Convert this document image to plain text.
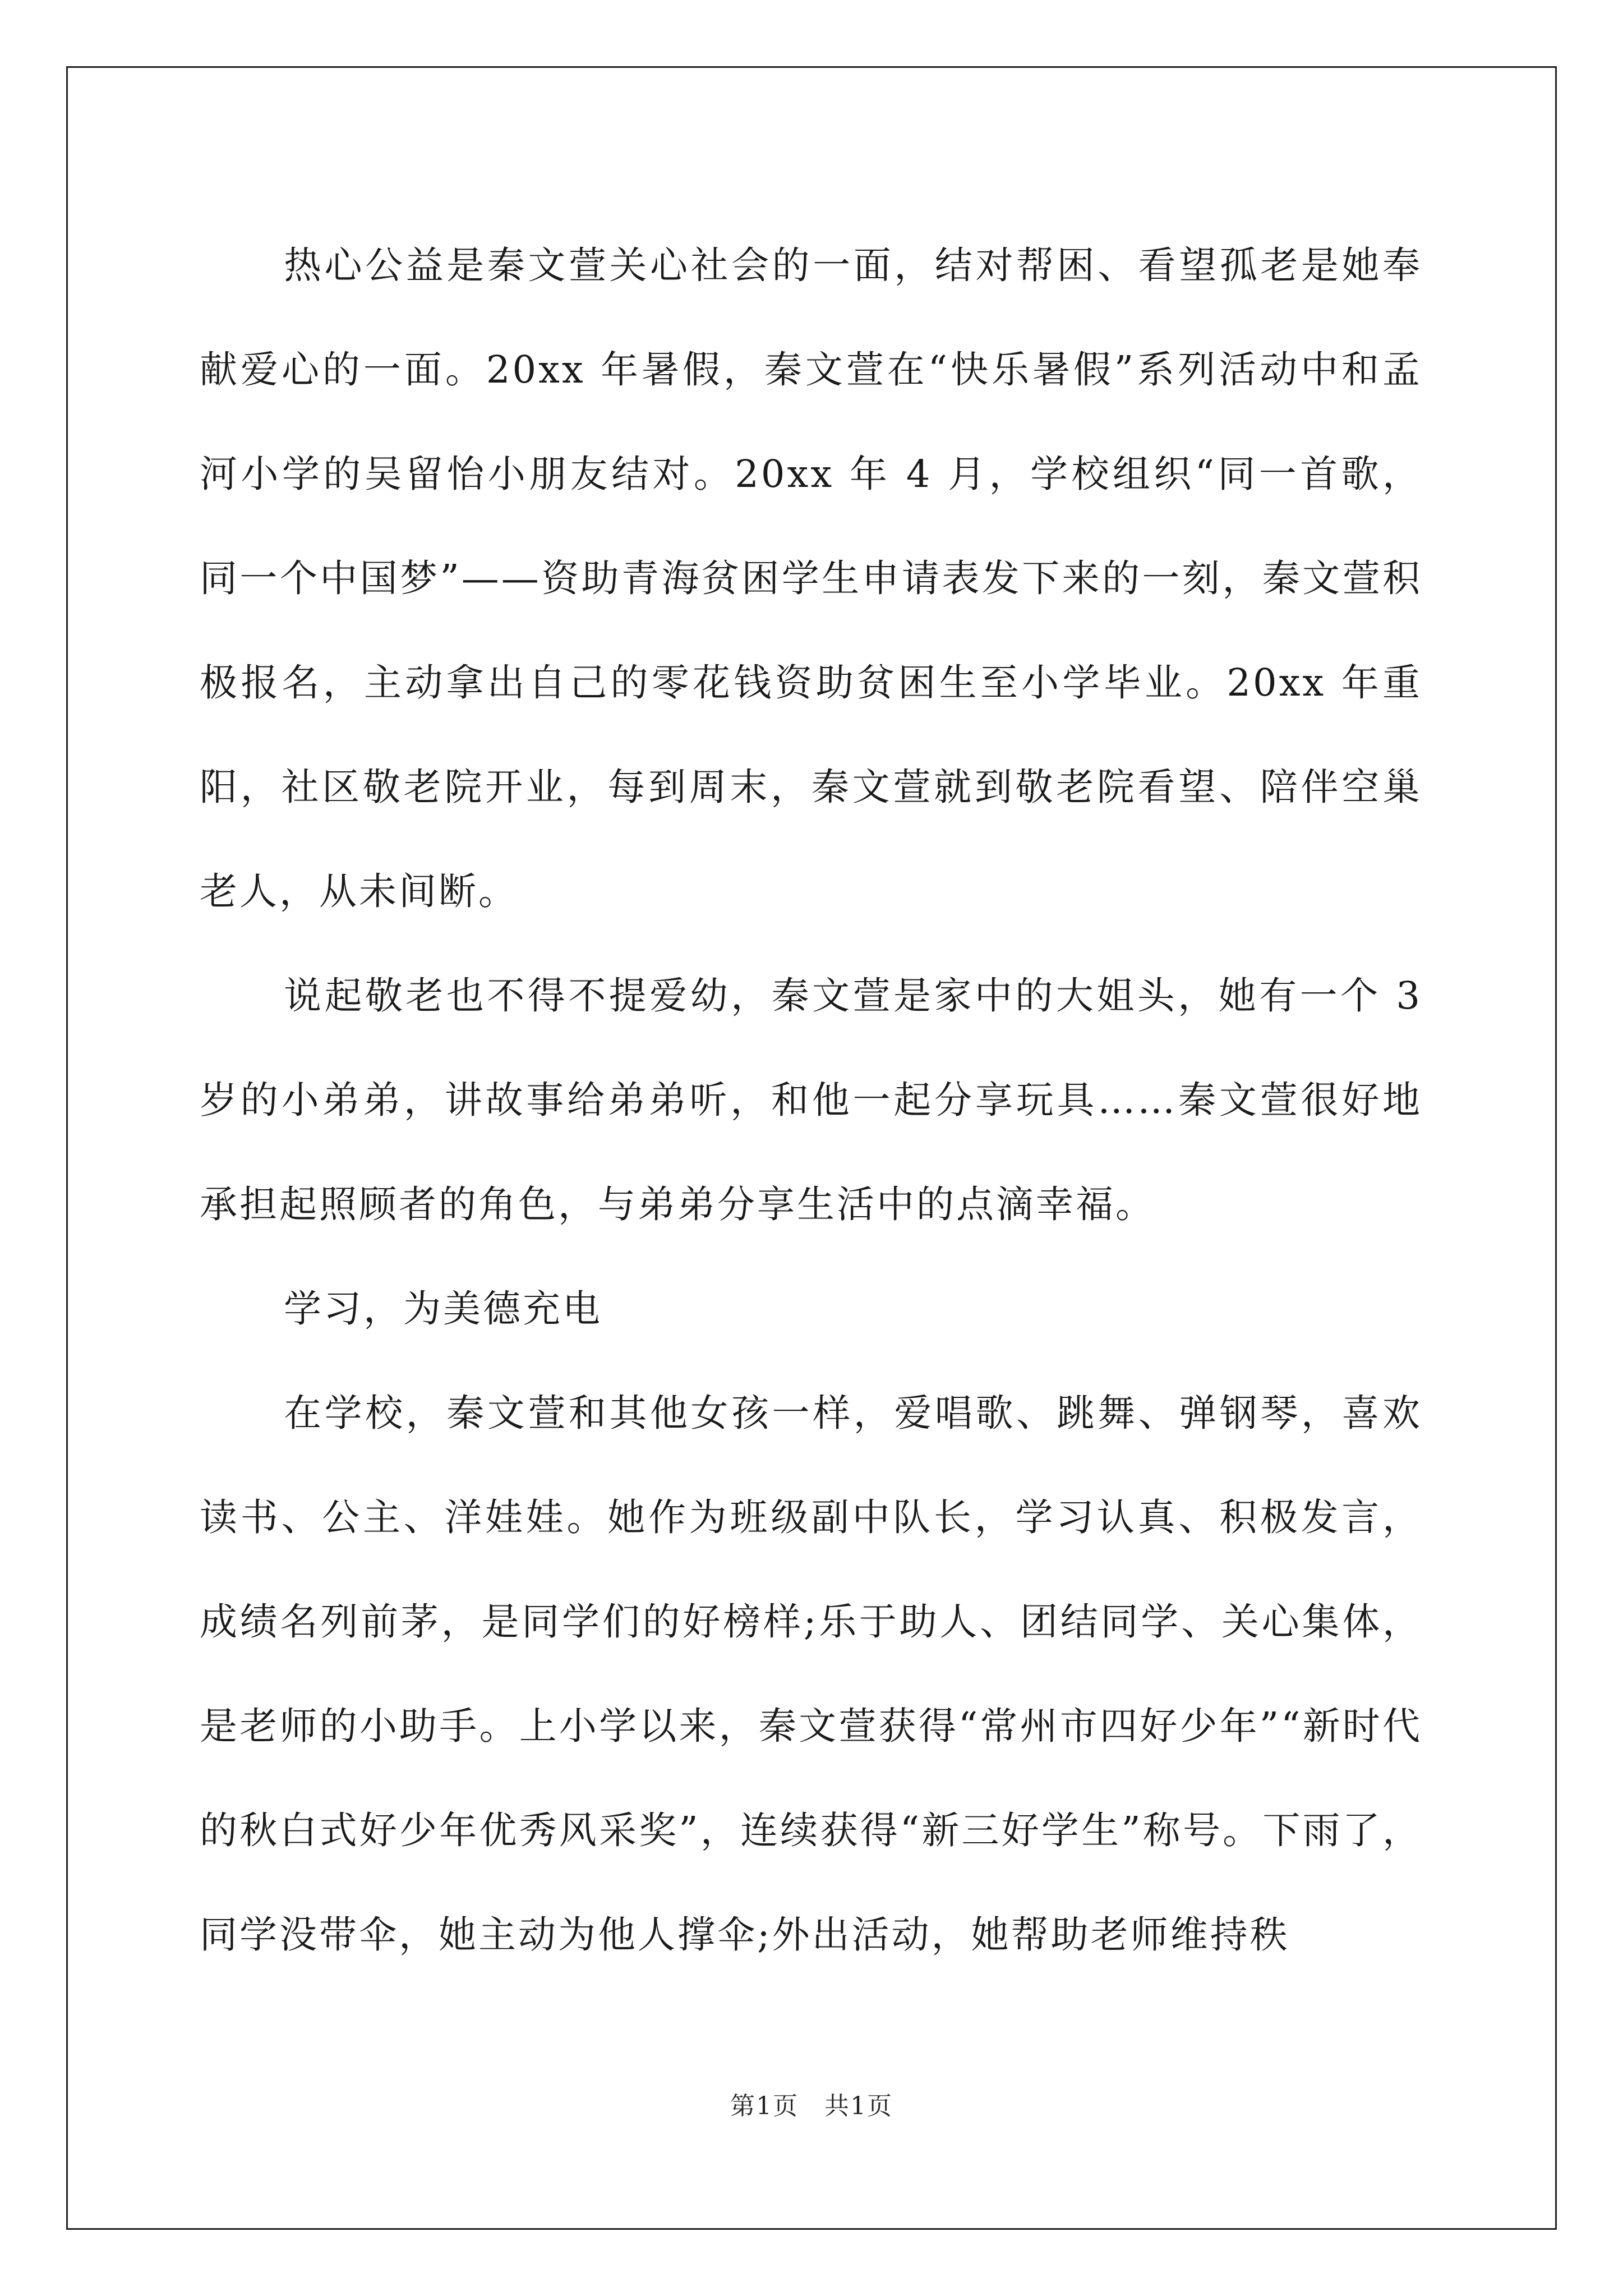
热心公益是秦文萱关心社会的一面，结对帮困、看望孤老是她奉献爱心的一面。20xx 年暑假，秦文萱在“快乐暑假”系列活动中和孟河小学的吴留怡小朋友结对。20xx 年 4 月，学校组织“同一首歌，同一个中国梦”——资助青海贫困学生申请表发下来的一刻，秦文萱积极报名，主动拿出自己的零花钱资助贫困生至小学毕业。20xx 年重阳，社区敬老院开业，每到周末，秦文萱就到敬老院看望、陪伴空巢老人，从未间断。

说起敬老也不得不提爱幼，秦文萱是家中的大姐头，她有一个 3 岁的小弟弟，讲故事给弟弟听，和他一起分享玩具……秦文萱很好地承担起照顾者的角色，与弟弟分享生活中的点滴幸福。

学习，为美德充电

在学校，秦文萱和其他女孩一样，爱唱歌、跳舞、弹钢琴，喜欢读书、公主、洋娃娃。她作为班级副中队长，学习认真、积极发言，成绩名列前茅，是同学们的好榜样;乐于助人、团结同学、关心集体，是老师的小助手。上小学以来，秦文萱获得“常州市四好少年”“新时代的秋白式好少年优秀风采奖”，连续获得“新三好学生”称号。下雨了，同学没带伞，她主动为他人撑伞;外出活动，她帮助老师维持秩

第1页　共1页
